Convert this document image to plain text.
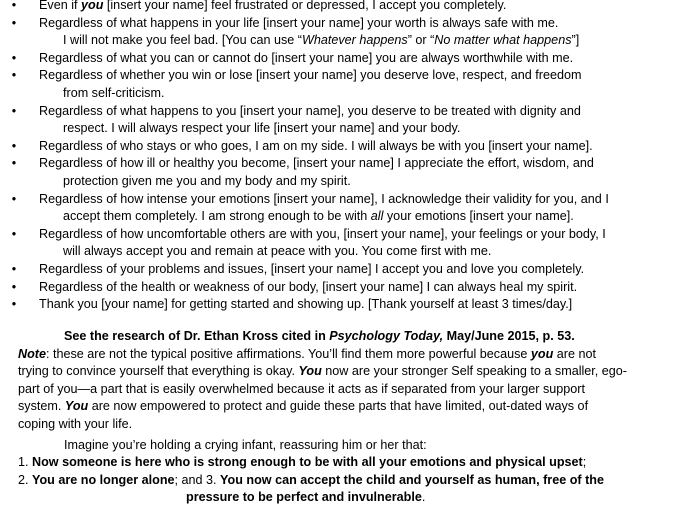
• Even if you [insert your name] feel frustrated or depressed, I accept you completely.
• Regardless of what happens in your life [insert your name] your worth is always safe with me.
I will not make you feel bad. [You can use “Whatever happens” or “No matter what happens”]
• Regardless of what you can or cannot do [insert your name] you are always worthwhile with me.
• Regardless of whether you win or lose [insert your name] you deserve love, respect, and freedom
from self-criticism.
• Regardless of what happens to you [insert your name], you deserve to be treated with dignity and
respect. I will always respect your life [insert your name] and your body.
• Regardless of who stays or who goes, I am on my side. I will always be with you [insert your name].
• Regardless of how ill or healthy you become, [insert your name] I appreciate the effort, wisdom, and
protection given me you and my body and my spirit.
• Regardless of how intense your emotions [insert your name], I acknowledge their validity for you, and I
accept them completely. I am strong enough to be with all your emotions [insert your name].
• Regardless of how uncomfortable others are with you, [insert your name], your feelings or your body, I
will always accept you and remain at peace with you. You come first with me.
• Regardless of your problems and issues, [insert your name] I accept you and love you completely.
• Regardless of the health or weakness of our body, [insert your name] I can always heal my spirit.
• Thank you [your name] for getting started and showing up. [Thank yourself at least 3 times/day.]
See the research of Dr. Ethan Kross cited in Psychology Today, May/June 2015, p. 53.
Note: these are not the typical positive affirmations. You’ll find them more powerful because you are not
trying to convince yourself that everything is okay. You now are your stronger Self speaking to a smaller, ego-
part of you—a part that is easily overwhelmed because it acts as if separated from your larger support
system. You are now empowered to protect and guide these parts that have limited, out-dated ways of
coping with your life.
Imagine you’re holding a crying infant, reassuring him or her that:
1. Now someone is here who is strong enough to be with all your emotions and physical upset;
2. You are no longer alone; and 3. You now can accept the child and yourself as human, free of the
pressure to be perfect and invulnerable.
